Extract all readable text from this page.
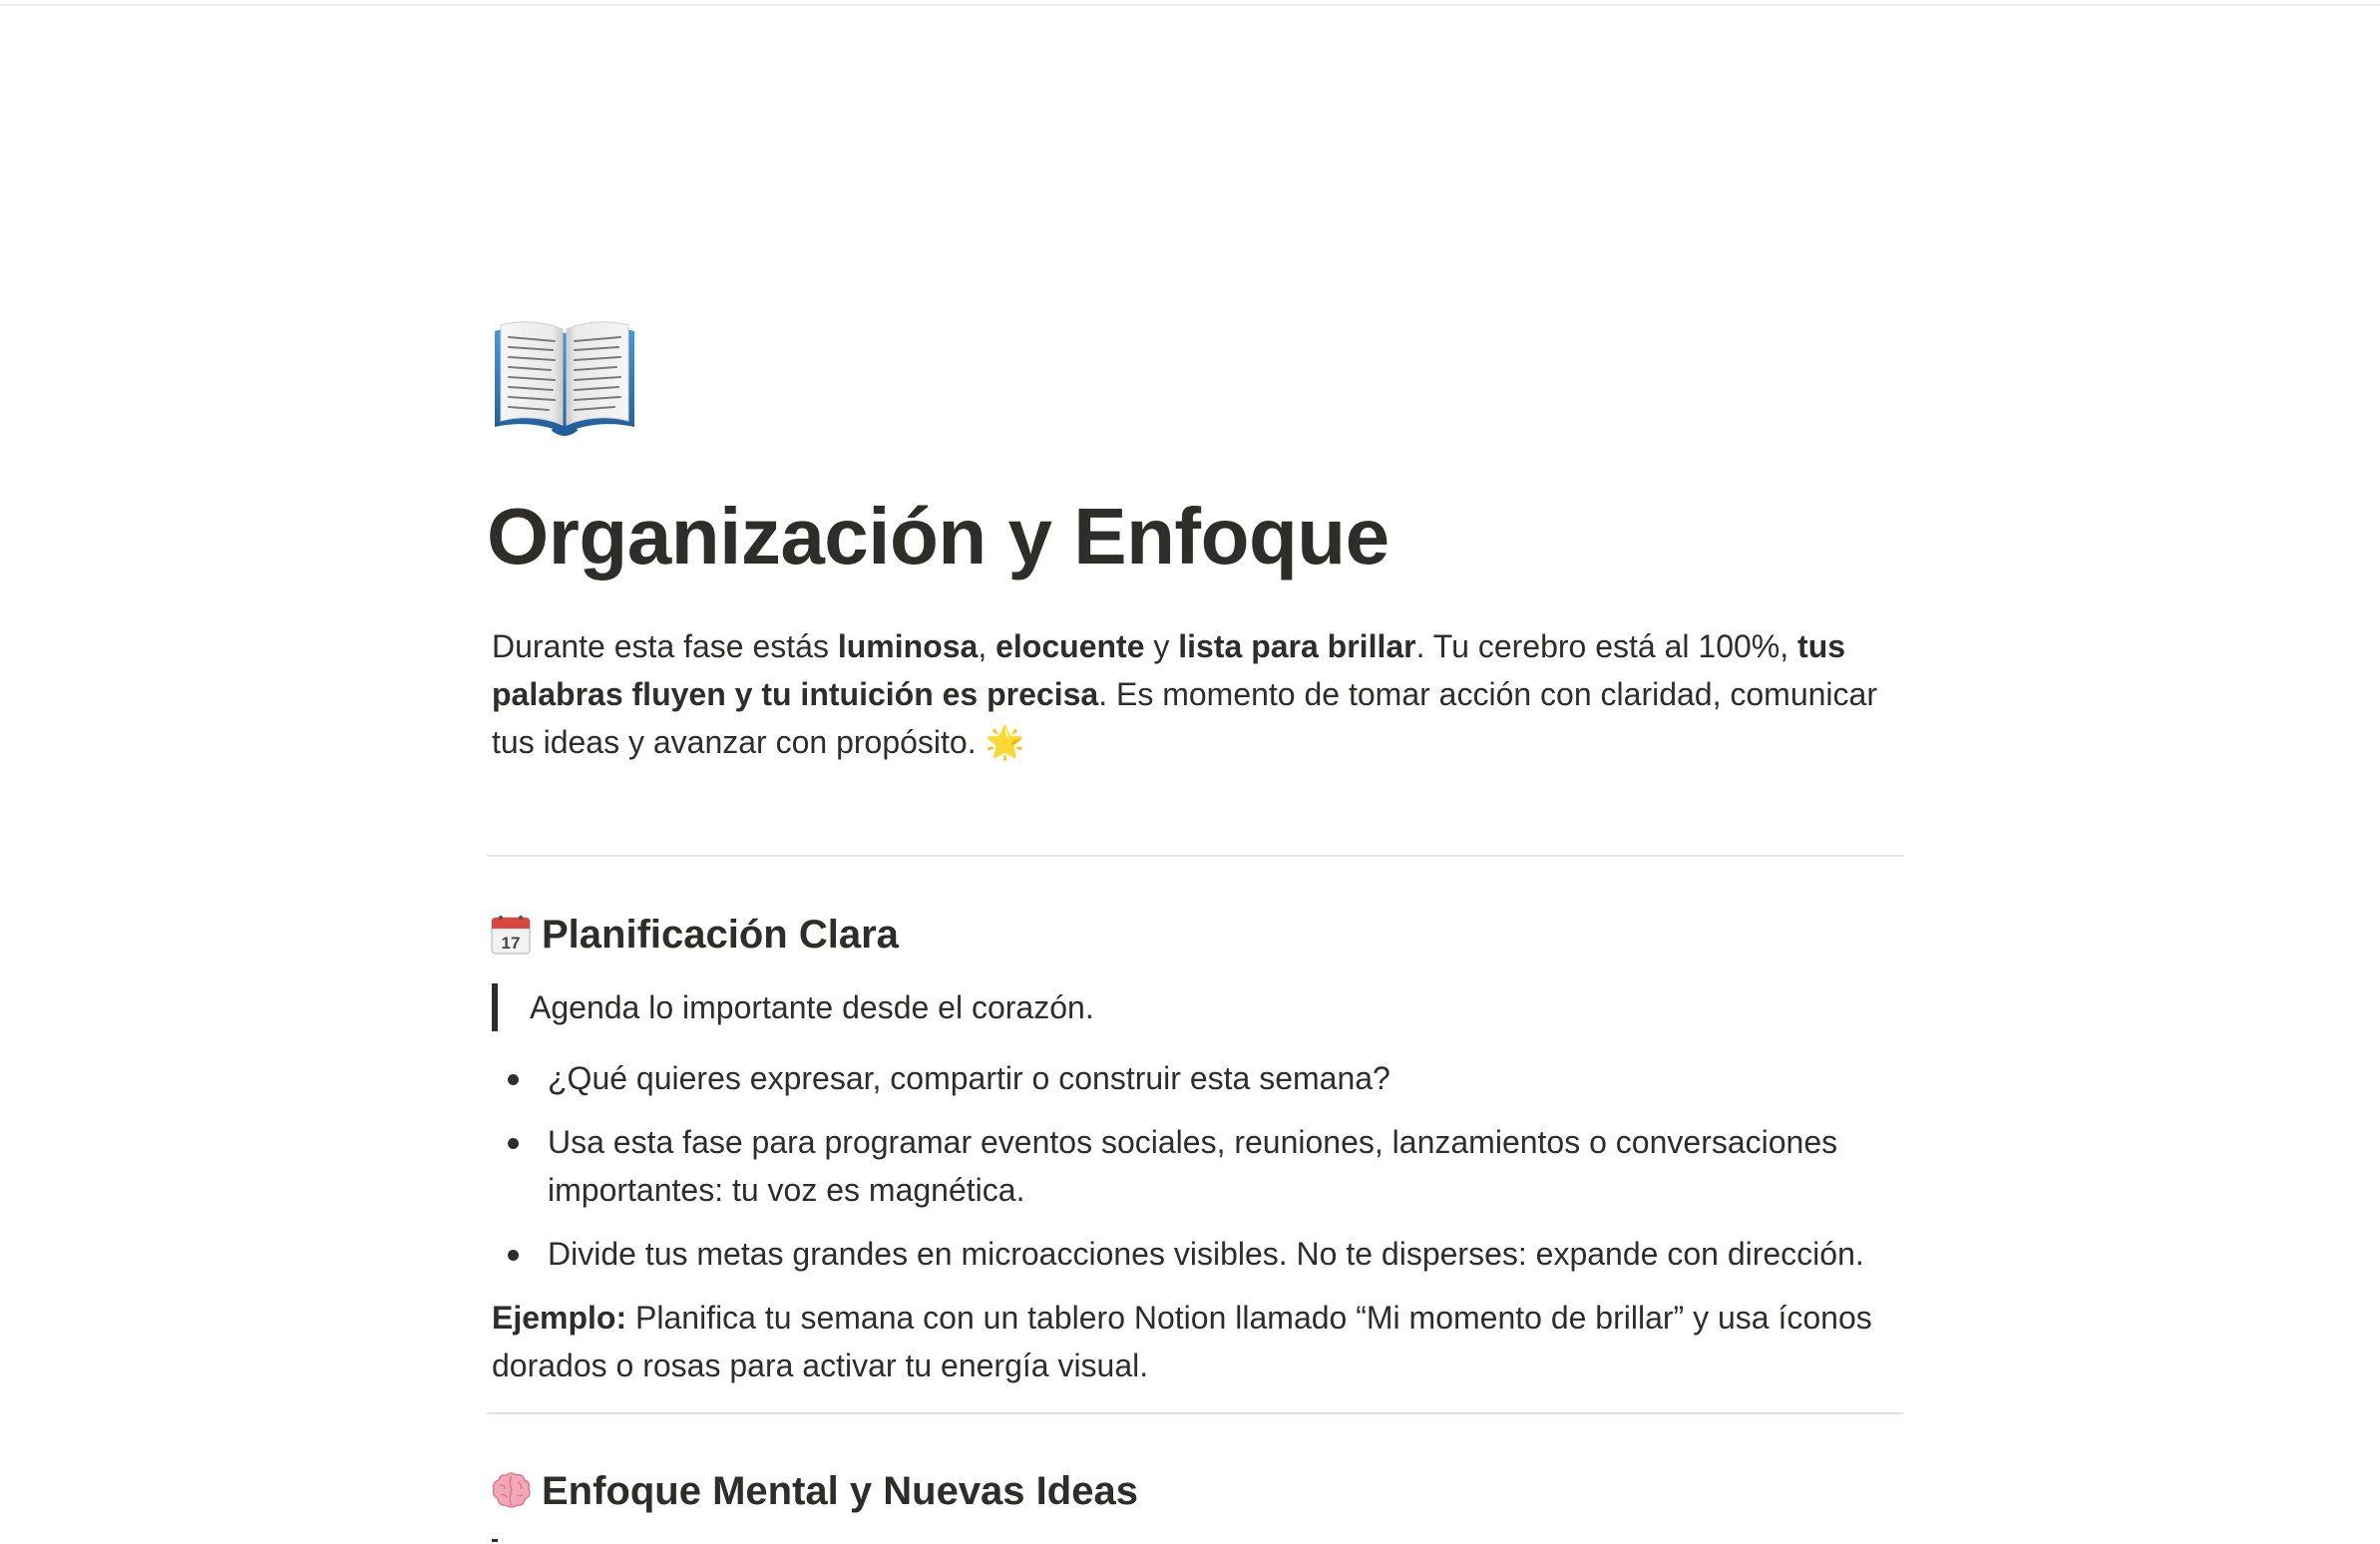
Organización y Enfoque

Durante esta fase estás luminosa, elocuente y lista para brillar. Tu cerebro está al 100%, tus palabras fluyen y tu intuición es precisa. Es momento de tomar acción con claridad, comunicar tus ideas y avanzar con propósito. 🌟

17 Planificación Clara
Agenda lo importante desde el corazón.
¿Qué quieres expresar, compartir o construir esta semana?
Usa esta fase para programar eventos sociales, reuniones, lanzamientos o conversaciones importantes: tu voz es magnética.
Divide tus metas grandes en microacciones visibles. No te disperses: expande con dirección.

Ejemplo: Planifica tu semana con un tablero Notion llamado “Mi momento de brillar” y usa íconos dorados o rosas para activar tu energía visual.

Enfoque Mental y Nuevas Ideas
